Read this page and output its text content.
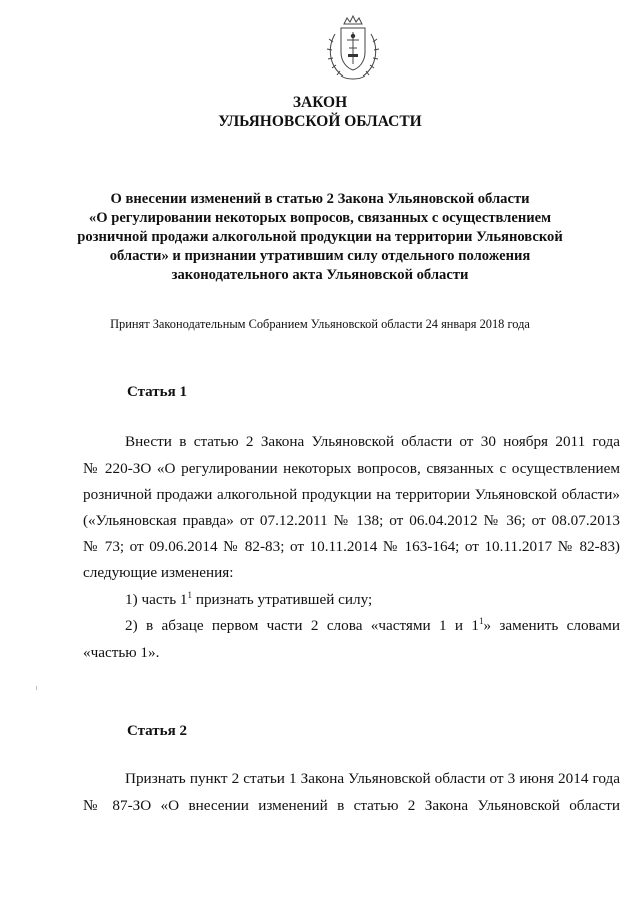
ЗАКОН
УЛЬЯНОВСКОЙ ОБЛАСТИ
О внесении изменений в статью 2 Закона Ульяновской области
«О регулировании некоторых вопросов, связанных с осуществлением
розничной продажи алкогольной продукции на территории Ульяновской
области» и признании утратившим силу отдельного положения
законодательного акта Ульяновской области
Принят Законодательным Собранием Ульяновской области 24 января 2018 года
Статья 1
Внести в статью 2 Закона Ульяновской области от 30 ноября 2011 года
№ 220-ЗО «О регулировании некоторых вопросов, связанных с осуществлением
розничной продажи алкогольной продукции на территории Ульяновской области»
(«Ульяновская правда» от 07.12.2011 № 138; от 06.04.2012 № 36; от 08.07.2013
№ 73; от 09.06.2014 № 82-83; от 10.11.2014 № 163-164; от 10.11.2017 № 82-83)
следующие изменения:
1) часть $1^1$ признать утратившей силу;
2) в абзаце первом части 2 слова «частями 1 и $1^1$» заменить словами
«частью 1».
Статья 2
Признать пункт 2 статьи 1 Закона Ульяновской области от 3 июня 2014 года
№ 87-ЗО «О внесении изменений в статью 2 Закона Ульяновской области
